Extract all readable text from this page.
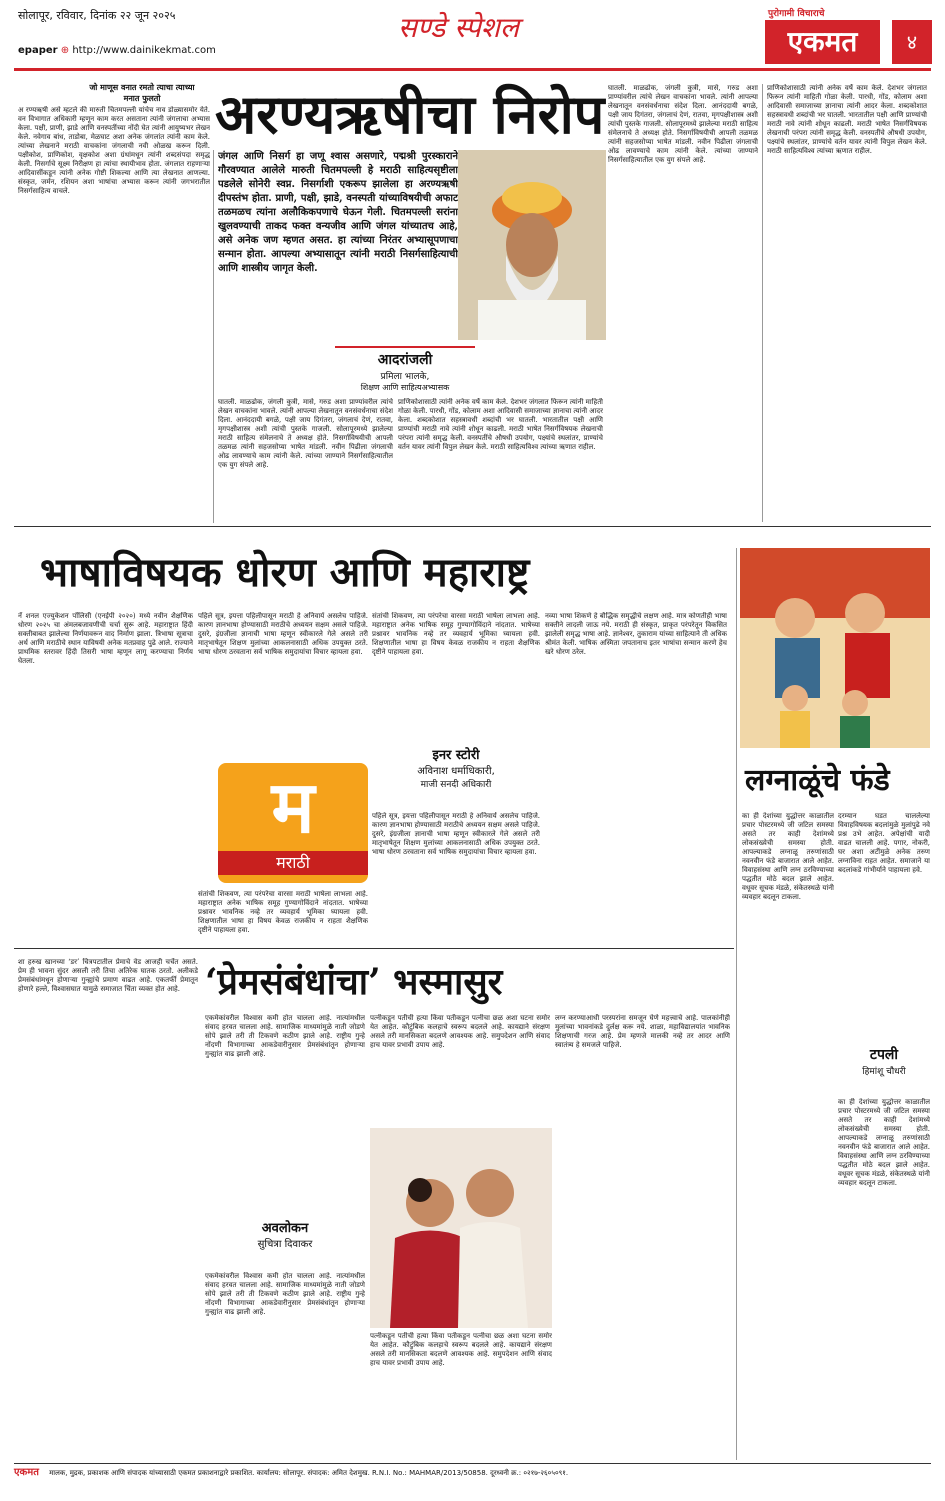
सोलापूर, रविवार, दिनांक २२ जून २०२५
epaper ⊕ http://www.dainikekmat.com
सण्डे स्पेशल	पुरोगामी विचाराचे
एकमत	४
अरण्यऋषीचा निरोप
जो माणूस वनात रमतो त्याचा त्याच्या मनात फुलतो
अ रण्यऋषी असे म्हटले की मारुती चितमपल्ली यांचेच नाव डोळ्यासमोर येते. वन विभागात अधिकारी म्हणून काम करत असताना त्यांनी जंगलाचा अभ्यास केला. पक्षी, प्राणी, झाडे आणि वनस्पतींच्या नोंदी घेत त्यांनी आयुष्यभर लेखन केले. नवेगाव बांध, ताडोबा, मेळघाट अशा अनेक जंगलांत त्यांनी काम केले. त्यांच्या लेखनाने मराठी वाचकांना जंगलाची नवी ओळख करून दिली. पक्षीकोश, प्राणिकोश, वृक्षकोश अशा ग्रंथांमधून त्यांनी शब्दसंपदा समृद्ध केली. निसर्गाचे सूक्ष्म निरीक्षण हा त्यांचा स्थायीभाव होता. जंगलात राहणाऱ्या आदिवासींकडून त्यांनी अनेक गोष्टी शिकल्या आणि त्या लेखनात आणल्या. संस्कृत, जर्मन, रशियन अशा भाषांचा अभ्यास करून त्यांनी जगभरातील निसर्गसाहित्य वाचले.
जंगल आणि निसर्ग हा जणू श्वास असणारे, पद्मश्री पुरस्काराने गौरवण्यात आलेले मारुती चितमपल्ली हे मराठी साहित्यसृष्टीला पडलेले सोनेरी स्वप्न. निसर्गाशी एकरूप झालेला हा अरण्यऋषी दीपस्तंभ होता. प्राणी, पक्षी, झाडे, वनस्पती यांच्याविषयीची अफाट तळमळच त्यांना अलौकिकपणाचे घेऊन गेली. चितमपल्ली सरांना खुलवण्याची ताकद फक्त वन्यजीव आणि जंगल यांच्यातच आहे, असे अनेक जण म्हणत असत. हा त्यांच्या निरंतर अभ्यासूपणाचा सन्मान होता. आपल्या अभ्यासातून त्यांनी मराठी निसर्गसाहित्याची आणि शास्त्रीय जागृत केली.
आदरांजली
प्रमिला भालके,
शिक्षण आणि साहित्यअभ्यासक
घातली. माळढोक, जंगली कुत्री, मासे, गरुड अशा प्राण्यांवरील त्यांचे लेखन वाचकांना भावले. त्यांनी आपल्या लेखनातून वनसंवर्धनाचा संदेश दिला. आनंददायी बगळे, पक्षी जाय दिगंतरा, जंगलाचं देणं, रातवा, मृगपक्षीशास्त्र अशी त्यांची पुस्तके गाजली. सोलापूरमध्ये झालेल्या मराठी साहित्य संमेलनाचे ते अध्यक्ष होते. निसर्गाविषयीची आपली तळमळ त्यांनी सहजसोप्या भाषेत मांडली. नवीन पिढीला जंगलाची ओढ लावण्याचे काम त्यांनी केले. त्यांच्या जाण्याने निसर्गसाहित्यातील एक युग संपले आहे.
प्राणिकोशासाठी त्यांनी अनेक वर्षे काम केले. देशभर जंगलात फिरून त्यांनी माहिती गोळा केली. पारधी, गोंड, कोलाम अशा आदिवासी समाजाच्या ज्ञानाचा त्यांनी आदर केला. शब्दकोशात सहस्त्रावधी शब्दांची भर घातली. भारतातील पक्षी आणि प्राण्यांची मराठी नावे त्यांनी शोधून काढली. मराठी भाषेत निसर्गविषयक लेखनाची परंपरा त्यांनी समृद्ध केली. वनस्पतींचे औषधी उपयोग, पक्ष्यांचे स्थलांतर, प्राण्यांचे वर्तन यावर त्यांनी विपुल लेखन केले. मराठी साहित्यविश्व त्यांच्या ऋणात राहील.
घातली. माळढोक, जंगली कुत्री, मासे, गरुड अशा प्राण्यांवरील त्यांचे लेखन वाचकांना भावले. त्यांनी आपल्या लेखनातून वनसंवर्धनाचा संदेश दिला. आनंददायी बगळे, पक्षी जाय दिगंतरा, जंगलाचं देणं, रातवा, मृगपक्षीशास्त्र अशी त्यांची पुस्तके गाजली. सोलापूरमध्ये झालेल्या मराठी साहित्य संमेलनाचे ते अध्यक्ष होते. निसर्गाविषयीची आपली तळमळ त्यांनी सहजसोप्या भाषेत मांडली. नवीन पिढीला जंगलाची ओढ लावण्याचे काम त्यांनी केले. त्यांच्या जाण्याने निसर्गसाहित्यातील एक युग संपले आहे.
प्राणिकोशासाठी त्यांनी अनेक वर्षे काम केले. देशभर जंगलात फिरून त्यांनी माहिती गोळा केली. पारधी, गोंड, कोलाम अशा आदिवासी समाजाच्या ज्ञानाचा त्यांनी आदर केला. शब्दकोशात सहस्त्रावधी शब्दांची भर घातली. भारतातील पक्षी आणि प्राण्यांची मराठी नावे त्यांनी शोधून काढली. मराठी भाषेत निसर्गविषयक लेखनाची परंपरा त्यांनी समृद्ध केली. वनस्पतींचे औषधी उपयोग, पक्ष्यांचे स्थलांतर, प्राण्यांचे वर्तन यावर त्यांनी विपुल लेखन केले. मराठी साहित्यविश्व त्यांच्या ऋणात राहील.
भाषाविषयक धोरण आणि महाराष्ट्र
नॅ शनल एज्युकेशन पॉलिसी (एनईपी २०२०) मध्ये नवीन शैक्षणिक धोरण २०२५ चा अंमलबजावणीची चर्चा सुरू आहे. महाराष्ट्रात हिंदी सक्तीबाबत झालेल्या निर्णयावरून वाद निर्माण झाला. त्रिभाषा सूत्राचा अर्थ आणि मराठीचे स्थान याविषयी अनेक मतप्रवाह पुढे आले. राज्याने प्राथमिक स्तरावर हिंदी तिसरी भाषा म्हणून लागू करण्याचा निर्णय घेतला.
पहिले सूत्र, इयत्ता पहिलीपासून मराठी हे अनिवार्य असलेच पाहिजे. कारण ज्ञानभाषा होण्यासाठी मराठीचे अध्ययन सक्षम असले पाहिजे. दुसरे, इंग्रजीला ज्ञानाची भाषा म्हणून स्वीकारले गेले असले तरी मातृभाषेतून शिक्षण मुलांच्या आकलनासाठी अधिक उपयुक्त ठरते. भाषा धोरण ठरवताना सर्व भाषिक समुदायांचा विचार व्हायला हवा.
संतांची शिकवण, त्या परंपरेचा वारसा मराठी भाषेला लाभला आहे. महाराष्ट्रात अनेक भाषिक समूह गुण्यागोविंदाने नांदतात. भाषेच्या प्रश्नावर भावनिक नव्हे तर व्यवहार्य भूमिका घ्यायला हवी. शिक्षणातील भाषा हा विषय केवळ राजकीय न राहता शैक्षणिक दृष्टीने पाहायला हवा.
नव्या भाषा शिकणे हे बौद्धिक समृद्धीचे लक्षण आहे. मात्र कोणतीही भाषा सक्तीने लादली जाऊ नये. मराठी ही संस्कृत, प्राकृत परंपरेतून विकसित झालेली समृद्ध भाषा आहे. ज्ञानेश्वर, तुकाराम यांच्या साहित्याने ती अधिक श्रीमंत केली. भाषिक अस्मिता जपतानाच इतर भाषांचा सन्मान करणे हेच खरे धोरण ठरेल.
म
मराठी
पहिले सूत्र, इयत्ता पहिलीपासून मराठी हे अनिवार्य असलेच पाहिजे. कारण ज्ञानभाषा होण्यासाठी मराठीचे अध्ययन सक्षम असले पाहिजे. दुसरे, इंग्रजीला ज्ञानाची भाषा म्हणून स्वीकारले गेले असले तरी मातृभाषेतून शिक्षण मुलांच्या आकलनासाठी अधिक उपयुक्त ठरते. भाषा धोरण ठरवताना सर्व भाषिक समुदायांचा विचार व्हायला हवा.
इनर स्टोरी
अविनाश धर्माधिकारी,
माजी सनदी अधिकारी
संतांची शिकवण, त्या परंपरेचा वारसा मराठी भाषेला लाभला आहे. महाराष्ट्रात अनेक भाषिक समूह गुण्यागोविंदाने नांदतात. भाषेच्या प्रश्नावर भावनिक नव्हे तर व्यवहार्य भूमिका घ्यायला हवी. शिक्षणातील भाषा हा विषय केवळ राजकीय न राहता शैक्षणिक दृष्टीने पाहायला हवा.
लग्नाळूंचे फंडे
का ही देशांच्या युद्धोत्तर काळातील प्रचार पोस्टरमध्ये जी जटिल समस्या असते तर काही देशांमध्ये लोकसंख्येची समस्या होती. आपल्याकडे लग्नाळू तरुणांसाठी नवनवीन फंडे बाजारात आले आहेत. विवाहसंस्था आणि लग्न ठरविण्याच्या पद्धतीत मोठे बदल झाले आहेत. वधूवर सूचक मंडळे, संकेतस्थळे यांनी व्यवहार बदलून टाकला.
दरम्यान घडत चाललेल्या विवाहविषयक बदलांमुळे मुलांपुढे नवे प्रश्न उभे आहेत. अपेक्षांची यादी वाढत चालली आहे. पगार, नोकरी, घर अशा अटींमुळे अनेक तरुण लग्नाविना राहत आहेत. समाजाने या बदलांकडे गांभीर्याने पाहायला हवे.
टपली
हिमांशू चौधरी
का ही देशांच्या युद्धोत्तर काळातील प्रचार पोस्टरमध्ये जी जटिल समस्या असते तर काही देशांमध्ये लोकसंख्येची समस्या होती. आपल्याकडे लग्नाळू तरुणांसाठी नवनवीन फंडे बाजारात आले आहेत. विवाहसंस्था आणि लग्न ठरविण्याच्या पद्धतीत मोठे बदल झाले आहेत. वधूवर सूचक मंडळे, संकेतस्थळे यांनी व्यवहार बदलून टाकला.
‘प्रेमसंबंधांचा’ भस्मासुर
शा हरुख खानच्या ‘डर’ चित्रपटातील प्रेमाचे वेड आजही चर्चेत असते. प्रेम ही भावना सुंदर असली तरी तिचा अतिरेक घातक ठरतो. अलीकडे प्रेमसंबंधांमधून होणाऱ्या गुन्ह्यांचे प्रमाण वाढत आहे. एकतर्फी प्रेमातून होणारे हल्ले, विश्वासघात यामुळे समाजात चिंता व्यक्त होत आहे.
एकमेकांवरील विश्वास कमी होत चालला आहे. नात्यांमधील संवाद हरवत चालला आहे. सामाजिक माध्यमांमुळे नाती जोडणे सोपे झाले तरी ती टिकवणे कठीण झाले आहे. राष्ट्रीय गुन्हे नोंदणी विभागाच्या आकडेवारीनुसार प्रेमसंबंधांतून होणाऱ्या गुन्ह्यांत वाढ झाली आहे.
पत्नीकडून पतीची हत्या किंवा पतीकडून पत्नीचा छळ अशा घटना समोर येत आहेत. कौटुंबिक कलहाचे स्वरूप बदलले आहे. कायद्याने संरक्षण असले तरी मानसिकता बदलणे आवश्यक आहे. समुपदेशन आणि संवाद हाच यावर प्रभावी उपाय आहे.
लग्न करण्याआधी परस्परांना समजून घेणे महत्त्वाचे आहे. पालकांनीही मुलांच्या भावनांकडे दुर्लक्ष करू नये. शाळा, महाविद्यालयांत भावनिक शिक्षणाची गरज आहे. प्रेम म्हणजे मालकी नव्हे तर आदर आणि स्वातंत्र्य हे समजले पाहिजे.
अवलोकन
सुचित्रा दिवाकर
एकमेकांवरील विश्वास कमी होत चालला आहे. नात्यांमधील संवाद हरवत चालला आहे. सामाजिक माध्यमांमुळे नाती जोडणे सोपे झाले तरी ती टिकवणे कठीण झाले आहे. राष्ट्रीय गुन्हे नोंदणी विभागाच्या आकडेवारीनुसार प्रेमसंबंधांतून होणाऱ्या गुन्ह्यांत वाढ झाली आहे.
पत्नीकडून पतीची हत्या किंवा पतीकडून पत्नीचा छळ अशा घटना समोर येत आहेत. कौटुंबिक कलहाचे स्वरूप बदलले आहे. कायद्याने संरक्षण असले तरी मानसिकता बदलणे आवश्यक आहे. समुपदेशन आणि संवाद हाच यावर प्रभावी उपाय आहे.
एकमत मालक, मुद्रक, प्रकाशक आणि संपादक यांच्यासाठी एकमत प्रकाशनाद्वारे प्रकाशित. कार्यालय: सोलापूर. संपादक: अमित देशमुख. R.N.I. No.: MAHMAR/2013/50858. दूरध्वनी क्र.: ०२१७-२६०५०९१.
